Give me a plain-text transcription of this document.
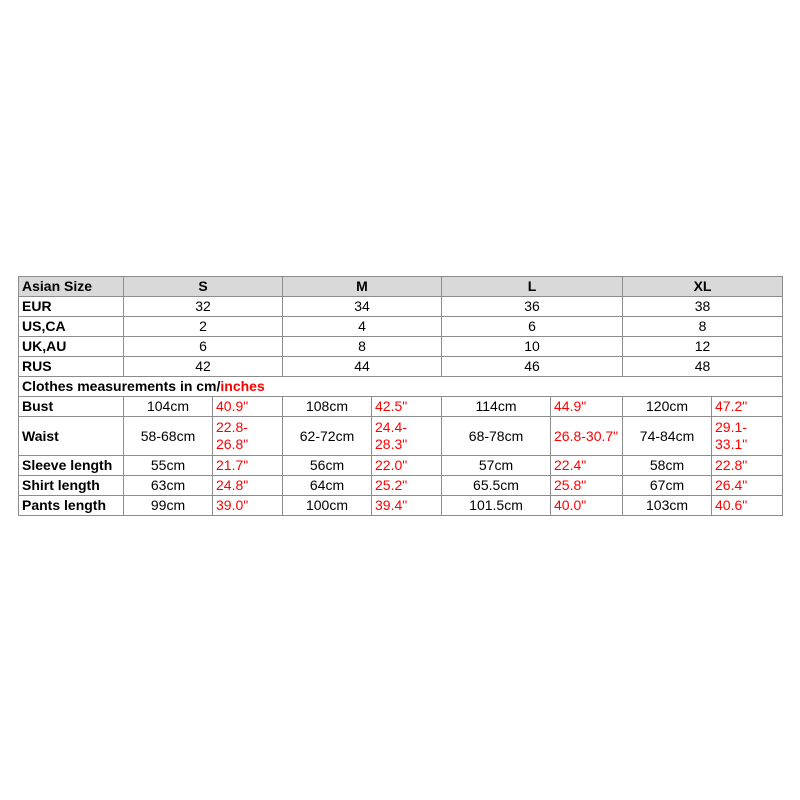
Asian Size	S		M		L		XL	
EUR	32		34		36		38	
US,CA	2		4		6		8	
UK,AU	6		8		10		12	
RUS	42		44		46		48	
Clothes measurements in cm/inches								
Bust	104cm	40.9"	108cm	42.5"	114cm	44.9"	120cm	47.2"
Waist	58-68cm	22.8-26.8"	62-72cm	24.4-28.3"	68-78cm	26.8-30.7"	74-84cm	29.1-33.1"

Sleeve length	55cm	21.7"	56cm	22.0"	57cm	22.4"	58cm	22.8"
Shirt length	63cm	24.8"	64cm	25.2"	65.5cm	25.8"	67cm	26.4"
Pants length	99cm	39.0"	100cm	39.4"	101.5cm	40.0"	103cm	40.6"
